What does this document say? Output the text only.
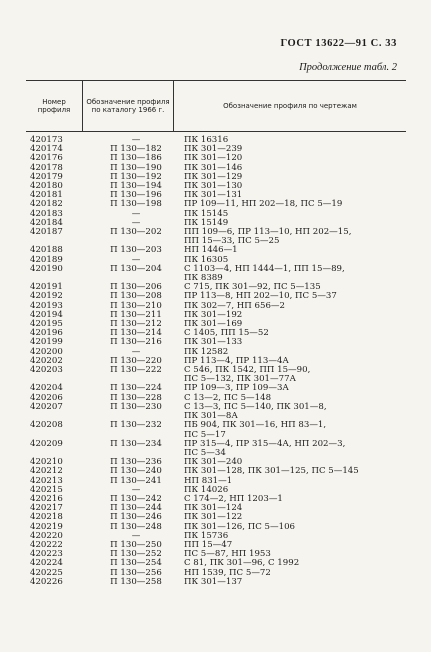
ГОСТ 13622—91 С. 33
Продолжение табл. 2
Номер профиля
Обозначение профиля по каталогу 1966 г.
Обозначение профиля по чертежам
420173	—	ПК 16316
420174	П 130—182	ПК 301—239
420176	П 130—186	ПК 301—120
420178	П 130—190	ПК 301—146
420179	П 130—192	ПК 301—129
420180	П 130—194	ПК 301—130
420181	П 130—196	ПК 301—131
420182	П 130—198	ПР 109—11, НП 202—18, ПС 5—19
420183	—	ПК 15145
420184	—	ПК 15149
420187	П 130—202	ПП 109—6, ПР 113—10, НП 202—15,
ПП 15—33, ПС 5—25
420188	П 130—203	НП 1446—1
420189	—	ПК 16305
420190	П 130—204	С 1103—4, НП 1444—1, ПП 15—89,
ПК 8389
420191	П 130—206	С 715, ПК 301—92, ПС 5—135
420192	П 130—208	ПР 113—8, НП 202—10, ПС 5—37
420193	П 130—210	ПК 302—7, НП 656—2
420194	П 130—211	ПК 301—192
420195	П 130—212	ПК 301—169
420196	П 130—214	С 1405, ПП 15—52
420199	П 130—216	ПК 301—133
420200	—	ПК 12582
420202	П 130—220	ПР 113—4, ПР 113—4А
420203	П 130—222	С 546, ПК 1542, ПП 15—90,
ПС 5—132, ПК 301—77А
420204	П 130—224	ПР 109—3, ПР 109—3А
420206	П 130—228	С 13—2, ПС 5—148
420207	П 130—230	С 13—3, ПС 5—140, ПК 301—8,
ПК 301—8А
420208	П 130—232	ПБ 904, ПК 301—16, НП 83—1,
ПС 5—17
420209	П 130—234	ПР 315—4, ПР 315—4А, НП 202—3,
ПС 5—34
420210	П 130—236	ПК 301—240
420212	П 130—240	ПК 301—128, ПК 301—125, ПС 5—145
420213	П 130—241	НП 831—1
420215	—	ПК 14026
420216	П 130—242	С 174—2, НП 1203—1
420217	П 130—244	ПК 301—124
420218	П 130—246	ПК 301—122
420219	П 130—248	ПК 301—126, ПС 5—106
420220	—	ПК 15736
420222	П 130—250	ПП 15—47
420223	П 130—252	ПС 5—87, НП 1953
420224	П 130—254	С 81, ПК 301—96, С 1992
420225	П 130—256	НП 1539, ПС 5—72
420226	П 130—258	ПК 301—137
